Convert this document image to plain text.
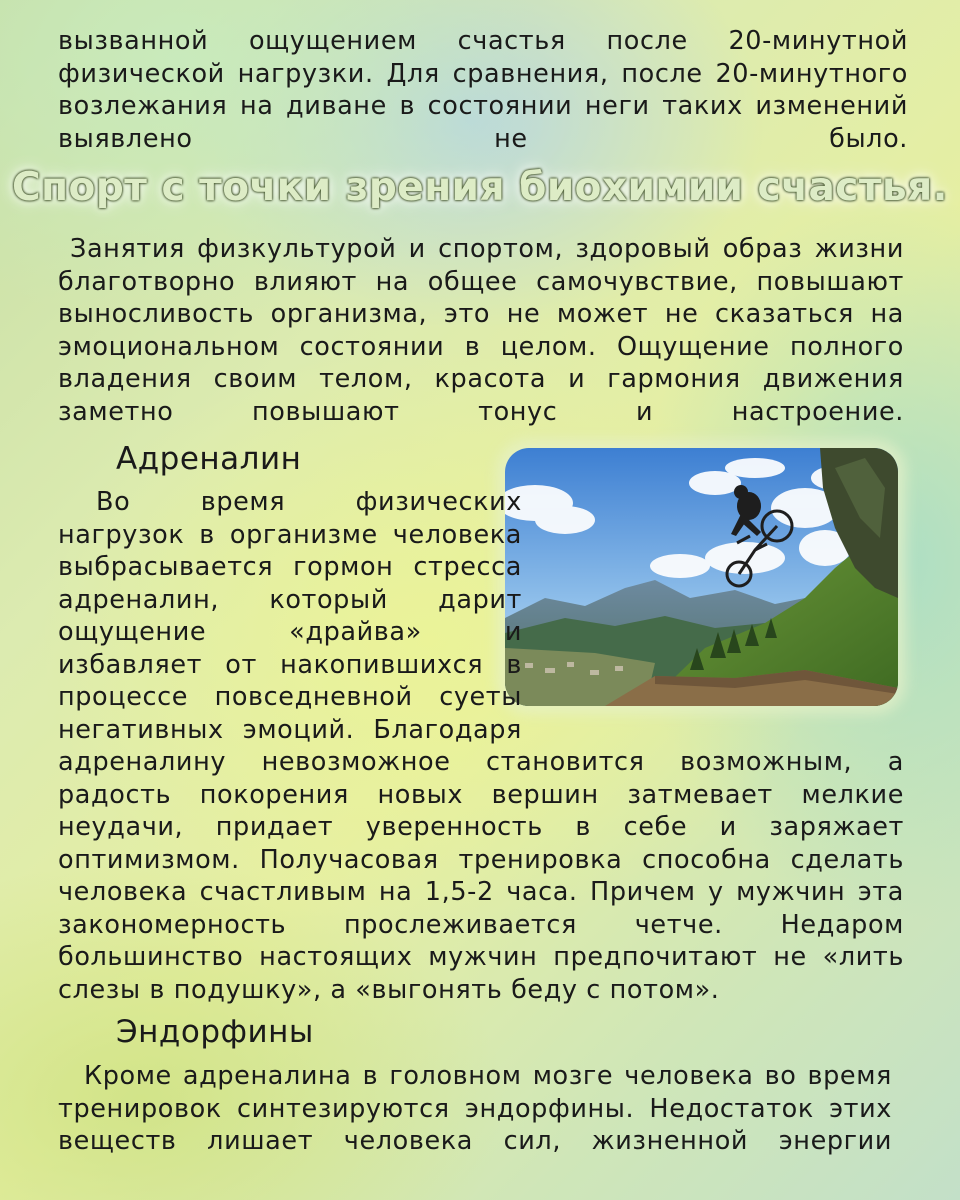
вызванной ощущением счастья после 20-минутной физической нагрузки. Для сравнения, после 20-минутного возлежания на диване в состоянии неги таких изменений выявлено не было.

Спорт с точки зрения биохимии счастья.

Занятия физкультурой и спортом, здоровый образ жизни благотворно влияют на общее самочувствие, повышают выносливость организма, это не может не сказаться на эмоциональном состоянии в целом. Ощущение полного владения своим телом, красота и гармония движения заметно повышают тонус и настроение.

Адреналин

Во время физических нагрузок в организме человека выбрасывается гормон стресса адреналин, который дарит ощущение «драйва» и избавляет от накопившихся в процессе повседневной суеты негативных эмоций. Благодаря адреналину невозможное становится возможным, а радость покорения новых вершин затмевает мелкие неудачи, придает уверенность в себе и заряжает оптимизмом. Получасовая тренировка способна сделать человека счастливым на 1,5-2 часа. Причем у мужчин эта закономерность прослеживается четче. Недаром большинство настоящих мужчин предпочитают не «лить слезы в подушку», а «выгонять беду с потом».

Эндорфины

Кроме адреналина в головном мозге человека во время тренировок синтезируются эндорфины. Недостаток этих веществ лишает человека сил, жизненной энергии
